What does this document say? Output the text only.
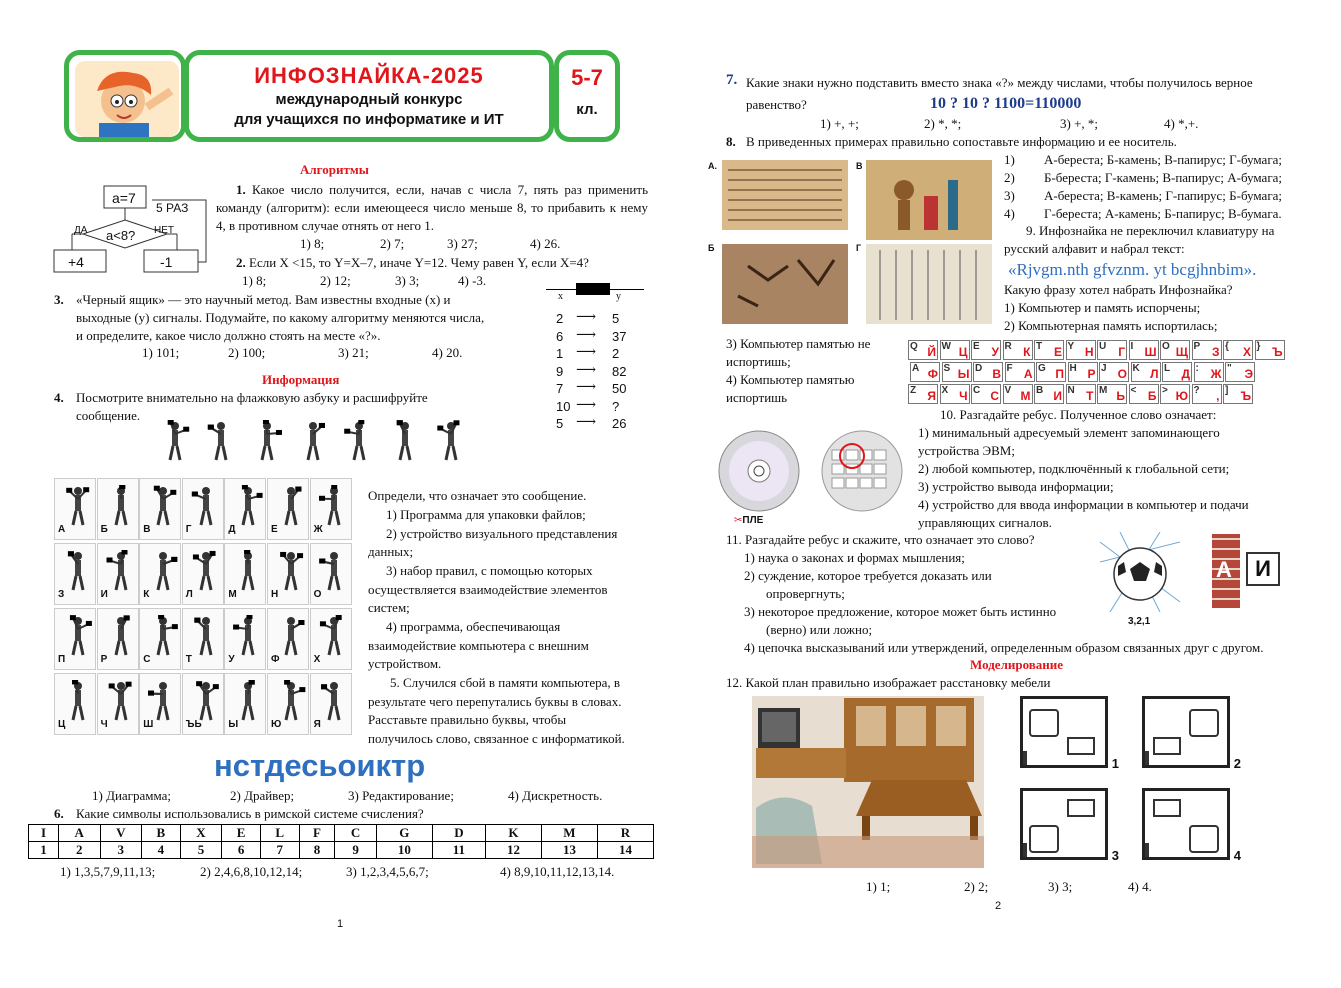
ИНФОЗНАЙКА-2025
международный конкурс
для учащихся по информатике и ИТ
5-7
кл.
Алгоритмы
a=7
5 РАЗ
a<8?
ДА	НЕТ
+4	-1
1. Какое число получится, если, начав с числа 7, пять раз применить команду (алгоритм): если имеющееся число меньше 8, то прибавить к нему 4, в противном случае отнять от него 1.
1) 8;	2) 7;	3) 27;	4) 26.
2. Если X <15, то Y=X–7, иначе Y=12. Чему равен Y, если X=4?
1) 8;	2) 12;	3) 3;	4) -3.
3. «Черный ящик» — это научный метод. Вам известны входные (х) и
выходные (у) сигналы. Подумайте, по какому алгоритму меняются числа,
и определите, какое число должно стоять на месте «?».
1) 101;	2) 100;	3) 21;	4) 20.
х	у
2 ⟶ 5
6 ⟶ 37
1 ⟶ 2
9 ⟶ 82
7 ⟶ 50
10 ⟶ ?
5 ⟶ 26
Информация
4. Посмотрите внимательно на флажковую азбуку и расшифруйте
сообщение.
А	Б	В	Г	Д	Е	Ж
З	И	К	Л	М	Н	О
П	Р	С	Т	У	Ф	Х
Ц	Ч	Ш	ЪЬ	Ы	Ю	Я
Определи, что означает это сообщение.
1) Программа для упаковки файлов;
2) устройство визуального представления
данных;
3) набор правил, с помощью которых
осуществляется взаимодействие элементов
систем;
4) программа, обеспечивающая
взаимодействие компьютера с внешним
устройством.
5. Случился сбой в памяти компьютера, в
результате чего перепутались буквы в словах.
Расставьте правильно буквы, чтобы
получилось слово, связанное с информатикой.
нстдесьоиктр
1) Диаграмма;	2) Драйвер;	3) Редактирование;	4) Дискретность.
6. Какие символы использовались в римской системе счисления?
I	A	V	B	X	E	L	F	C	G	D	K	M	R
1	2	3	4	5	6	7	8	9	10	11	12	13	14
1) 1,3,5,7,9,11,13;	2) 2,4,6,8,10,12,14;	3) 1,2,3,4,5,6,7;	4) 8,9,10,11,12,13,14.
1
7. Какие знаки нужно подставить вместо знака «?» между числами, чтобы получилось верное
равенство?	10 ? 10 ? 1100=110000
1) +, +;	2) *, *;	3) +, *;	4) *,+.
8. В приведенных примерах правильно сопоставьте информацию и ее носитель.
А.	В
Б	Г
1) А-береста; Б-камень; В-папирус; Г-бумага;
2) Б-береста; Г-камень; В-папирус; А-бумага;
3) А-береста; В-камень; Г-папирус; Б-бумага;
4) Г-береста; А-камень; Б-папирус; В-бумага.
9. Инфознайка не переключил клавиатуру на
русский алфавит и набрал текст:
«Rjvgm.nth gfvznm. yt bcgjhnbim».
Какую фразу хотел набрать Инфознайка?
1) Компьютер и память испорчены;
2) Компьютерная память испортилась;
3) Компьютер памятью не
испортишь;
4) Компьютер памятью
испортишь
Q Й W Ц E У R К T Е Y Н U Г I Ш O Щ P З { Х } Ъ
A Ф S Ы D В F А G П H Р J О K Л L Д : Ж " Э
Z Я X Ч C С V М B И N Т M Ь < Б > Ю ? , ] Ъ
✂ПЛЕ
10. Разгадайте ребус. Полученное слово означает:
1) минимальный адресуемый элемент запоминающего
устройства ЭВМ;
2) любой компьютер, подключённый к глобальной сети;
3) устройство вывода информации;
4) устройство для ввода информации в компьютер и подачи
управляющих сигналов.
11. Разгадайте ребус и скажите, что означает это слово?
1) наука о законах и формах мышления;
2) суждение, которое требуется доказать или
опровергнуть;
3) некоторое предложение, которое может быть истинно
(верно) или ложно;
4) цепочка высказываний или утверждений, определенным образом связанных друг с другом.
3,2,1
А	И
Моделирование
12. Какой план правильно изображает расстановку мебели
1	2
3	4
1) 1;	2) 2;	3) 3;	4) 4.
2
